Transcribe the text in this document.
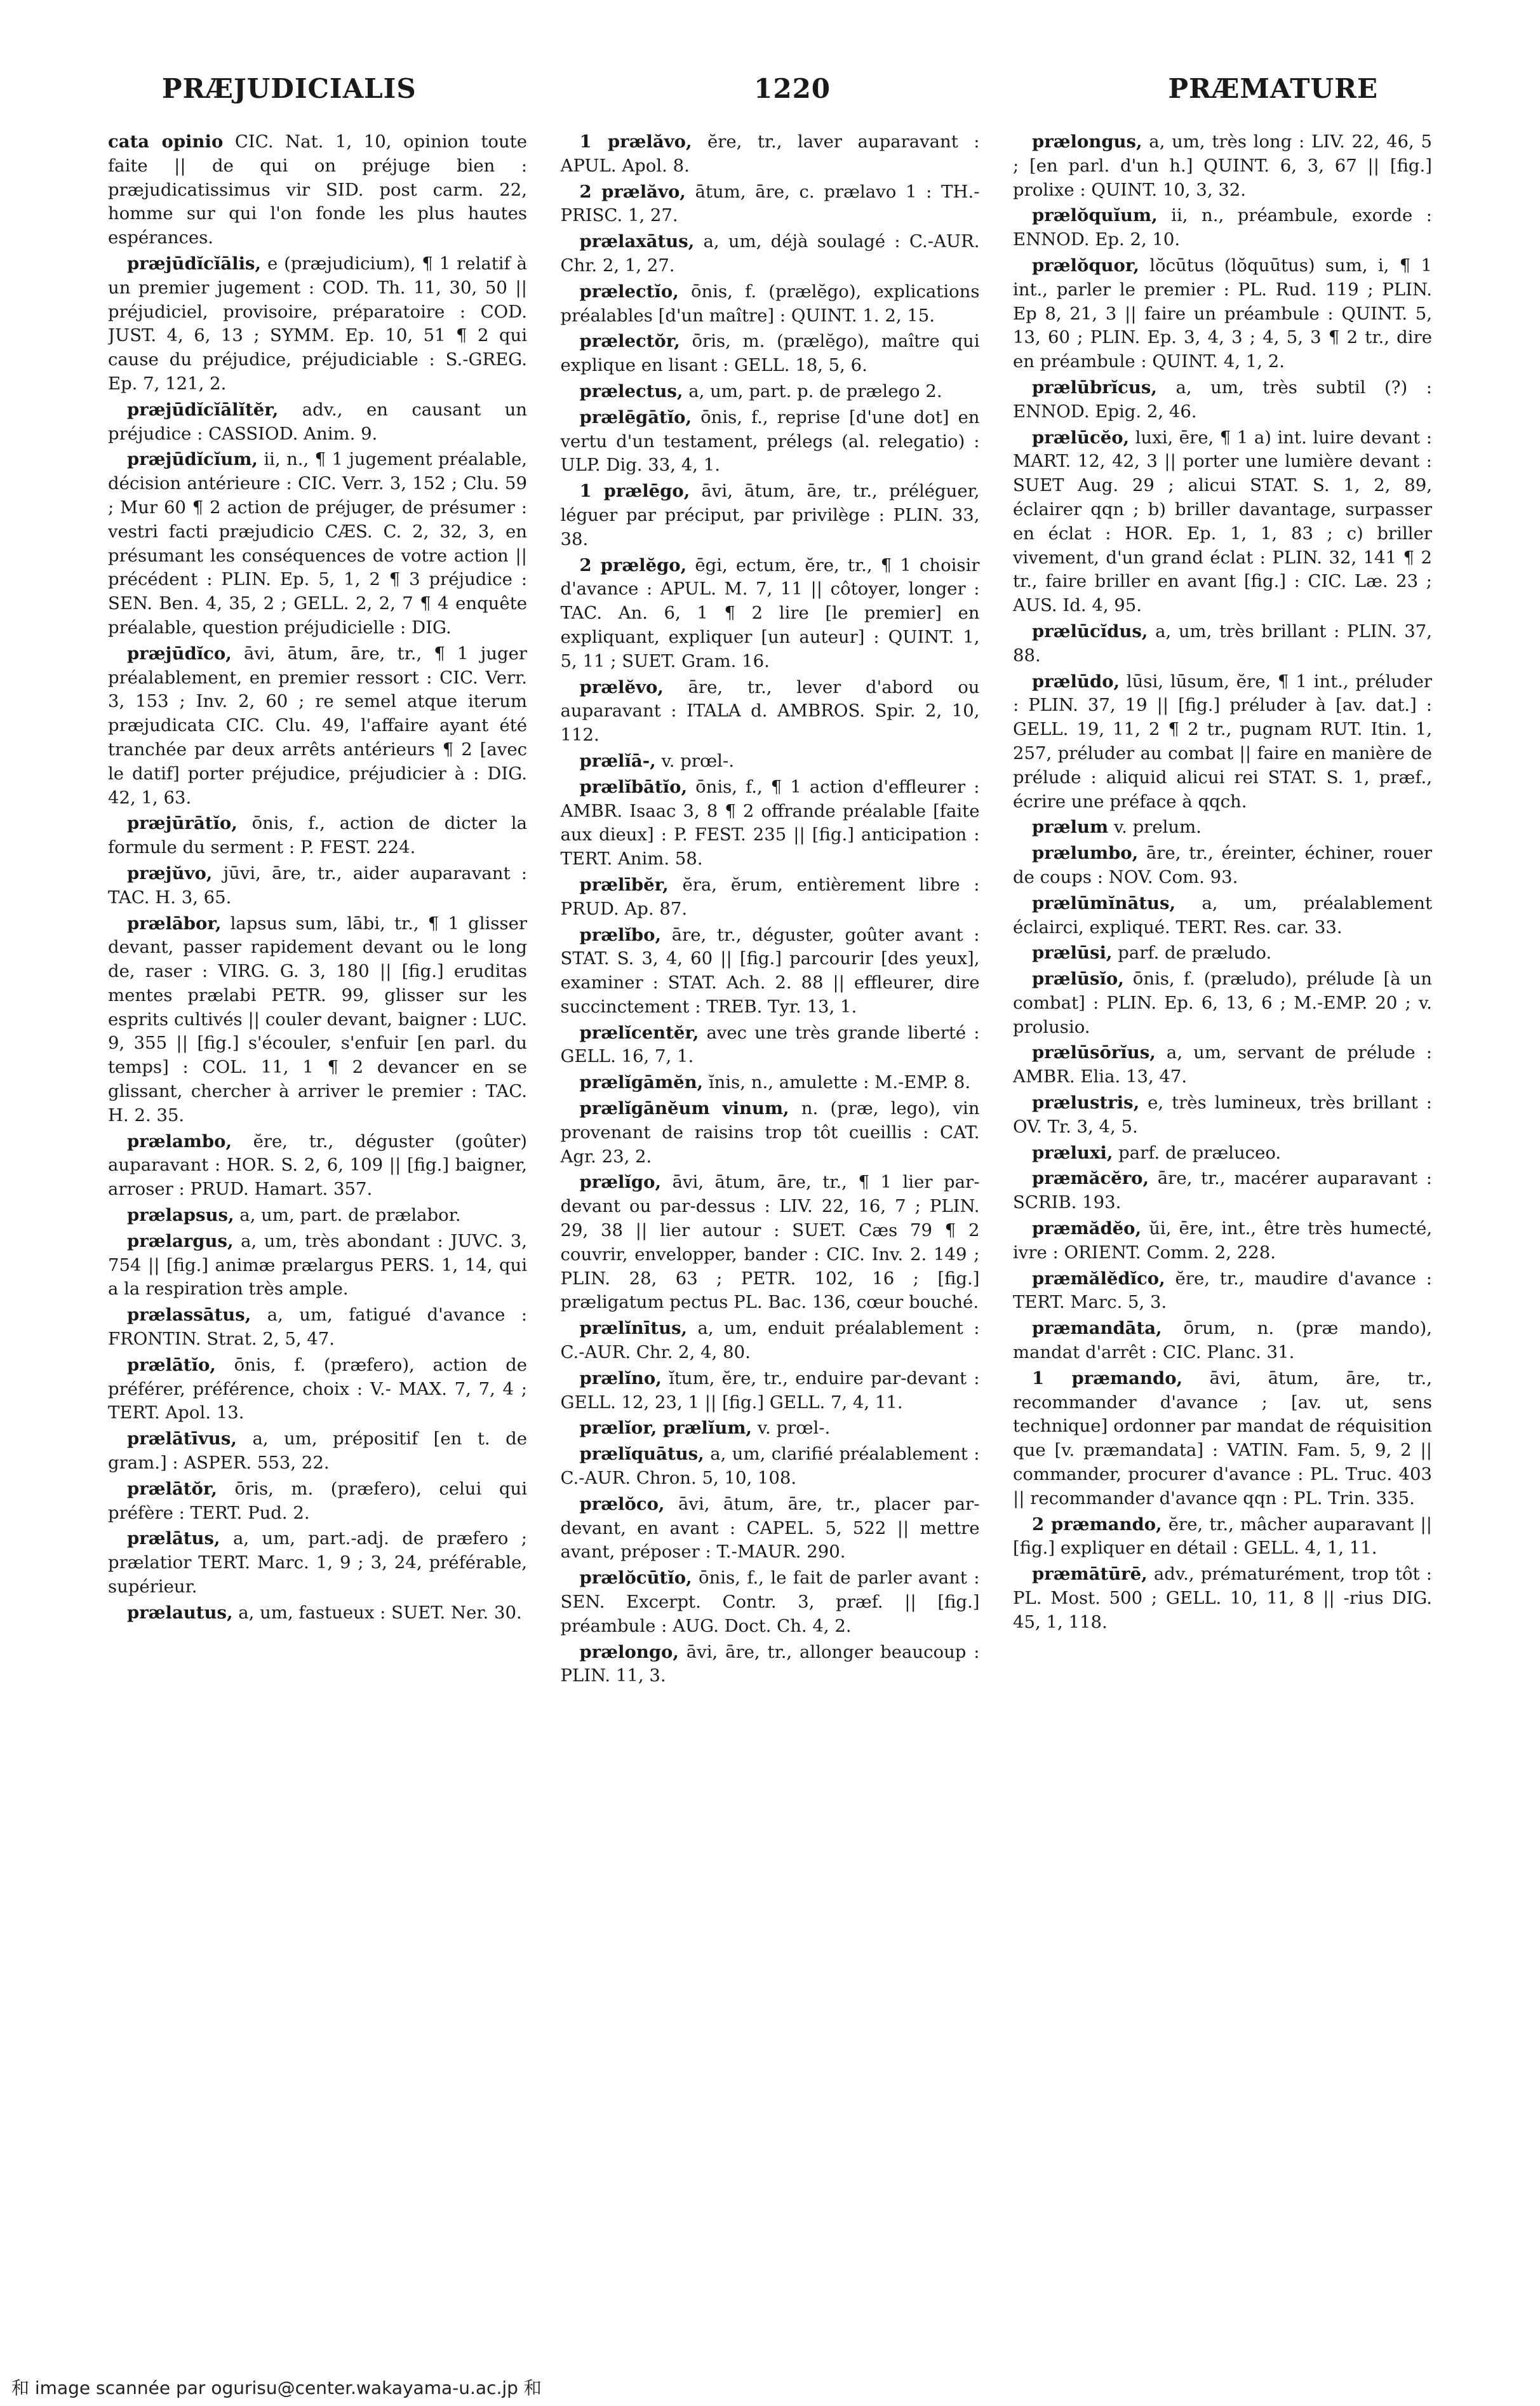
PRÆJUDICIALIS	1220	PRÆMATURE

cata opinio CIC. Nat. 1, 10, opinion toute faite || de qui on préjuge bien : præjudicatissimus vir SID. post carm. 22, homme sur qui l'on fonde les plus hautes espérances.

præjūdĭcĭālis, e (præjudicium), ¶ 1 relatif à un premier jugement : COD. Th. 11, 30, 50 || préjudiciel, provisoire, préparatoire : COD. JUST. 4, 6, 13 ; SYMM. Ep. 10, 51 ¶ 2 qui cause du préjudice, préjudiciable : S.-GREG. Ep. 7, 121, 2.

præjūdĭcĭālĭtĕr, adv., en causant un préjudice : CASSIOD. Anim. 9.

præjūdĭcĭum, ii, n., ¶ 1 jugement préalable, décision antérieure : CIC. Verr. 3, 152 ; Clu. 59 ; Mur 60 ¶ 2 action de préjuger, de présumer : vestri facti præjudicio CÆS. C. 2, 32, 3, en présumant les conséquences de votre action || précédent : PLIN. Ep. 5, 1, 2 ¶ 3 préjudice : SEN. Ben. 4, 35, 2 ; GELL. 2, 2, 7 ¶ 4 enquête préalable, question préjudicielle : DIG.

præjūdĭco, āvi, ātum, āre, tr., ¶ 1 juger préalablement, en premier ressort : CIC. Verr. 3, 153 ; Inv. 2, 60 ; re semel atque iterum præjudicata CIC. Clu. 49, l'affaire ayant été tranchée par deux arrêts antérieurs ¶ 2 [avec le datif] porter préjudice, préjudicier à : DIG. 42, 1, 63.

præjūrātĭo, ōnis, f., action de dicter la formule du serment : P. FEST. 224.

præjŭvo, jūvi, āre, tr., aider auparavant : TAC. H. 3, 65.

prælābor, lapsus sum, lābi, tr., ¶ 1 glisser devant, passer rapidement devant ou le long de, raser : VIRG. G. 3, 180 || [fig.] eruditas mentes prælabi PETR. 99, glisser sur les esprits cultivés || couler devant, baigner : LUC. 9, 355 || [fig.] s'écouler, s'enfuir [en parl. du temps] : COL. 11, 1 ¶ 2 devancer en se glissant, chercher à arriver le premier : TAC. H. 2. 35.

prælambo, ĕre, tr., déguster (goûter) auparavant : HOR. S. 2, 6, 109 || [fig.] baigner, arroser : PRUD. Hamart. 357.

prælapsus, a, um, part. de prælabor.

prælargus, a, um, très abondant : JUVC. 3, 754 || [fig.] animæ prælargus PERS. 1, 14, qui a la respiration très ample.

prælassātus, a, um, fatigué d'avance : FRONTIN. Strat. 2, 5, 47.

prælātĭo, ōnis, f. (præfero), action de préférer, préférence, choix : V.- MAX. 7, 7, 4 ; TERT. Apol. 13.

prælātīvus, a, um, prépositif [en t. de gram.] : ASPER. 553, 22.

prælātŏr, ōris, m. (præfero), celui qui préfère : TERT. Pud. 2.

prælātus, a, um, part.-adj. de præfero ; prælatior TERT. Marc. 1, 9 ; 3, 24, préférable, supérieur.

prælautus, a, um, fastueux : SUET. Ner. 30.

1 prælăvo, ĕre, tr., laver auparavant : APUL. Apol. 8.

2 prælăvo, ātum, āre, c. prælavo 1 : TH.-PRISC. 1, 27.

prælaxātus, a, um, déjà soulagé : C.-AUR. Chr. 2, 1, 27.

prælectĭo, ōnis, f. (prælĕgo), explications préalables [d'un maître] : QUINT. 1. 2, 15.

prælectŏr, ōris, m. (prælĕgo), maître qui explique en lisant : GELL. 18, 5, 6.

prælectus, a, um, part. p. de prælego 2.

prælēgātĭo, ōnis, f., reprise [d'une dot] en vertu d'un testament, prélegs (al. relegatio) : ULP. Dig. 33, 4, 1.

1 prælēgo, āvi, ātum, āre, tr., préléguer, léguer par préciput, par privilège : PLIN. 33, 38.

2 prælĕgo, ēgi, ectum, ĕre, tr., ¶ 1 choisir d'avance : APUL. M. 7, 11 || côtoyer, longer : TAC. An. 6, 1 ¶ 2 lire [le premier] en expliquant, expliquer [un auteur] : QUINT. 1, 5, 11 ; SUET. Gram. 16.

prælĕvo, āre, tr., lever d'abord ou auparavant : ITALA d. AMBROS. Spir. 2, 10, 112.

prælĭā-, v. prœl-.

prælĭbātĭo, ōnis, f., ¶ 1 action d'effleurer : AMBR. Isaac 3, 8 ¶ 2 offrande préalable [faite aux dieux] : P. FEST. 235 || [fig.] anticipation : TERT. Anim. 58.

prælībĕr, ĕra, ĕrum, entièrement libre : PRUD. Ap. 87.

prælĭbo, āre, tr., déguster, goûter avant : STAT. S. 3, 4, 60 || [fig.] parcourir [des yeux], examiner : STAT. Ach. 2. 88 || effleurer, dire succinctement : TREB. Tyr. 13, 1.

prælĭcentĕr, avec une très grande liberté : GELL. 16, 7, 1.

prælĭgāmĕn, ĭnis, n., amulette : M.-EMP. 8.

prælĭgānĕum vinum, n. (præ, lego), vin provenant de raisins trop tôt cueillis : CAT. Agr. 23, 2.

prælĭgo, āvi, ātum, āre, tr., ¶ 1 lier par-devant ou par-dessus : LIV. 22, 16, 7 ; PLIN. 29, 38 || lier autour : SUET. Cæs 79 ¶ 2 couvrir, envelopper, bander : CIC. Inv. 2. 149 ; PLIN. 28, 63 ; PETR. 102, 16 ; [fig.] præligatum pectus PL. Bac. 136, cœur bouché.

prælĭnītus, a, um, enduit préalablement : C.-AUR. Chr. 2, 4, 80.

prælĭno, ĭtum, ĕre, tr., enduire par-devant : GELL. 12, 23, 1 || [fig.] GELL. 7, 4, 11.

prælĭor, prælĭum, v. prœl-.

prælĭquātus, a, um, clarifié préalablement : C.-AUR. Chron. 5, 10, 108.

prælŏco, āvi, ātum, āre, tr., placer par-devant, en avant : CAPEL. 5, 522 || mettre avant, préposer : T.-MAUR. 290.

prælŏcūtĭo, ōnis, f., le fait de parler avant : SEN. Excerpt. Contr. 3, præf. || [fig.] préambule : AUG. Doct. Ch. 4, 2.

prælongo, āvi, āre, tr., allonger beaucoup : PLIN. 11, 3.

prælongus, a, um, très long : LIV. 22, 46, 5 ; [en parl. d'un h.] QUINT. 6, 3, 67 || [fig.] prolixe : QUINT. 10, 3, 32.

prælŏquĭum, ii, n., préambule, exorde : ENNOD. Ep. 2, 10.

prælŏquor, lŏcūtus (lŏquūtus) sum, i, ¶ 1 int., parler le premier : PL. Rud. 119 ; PLIN. Ep 8, 21, 3 || faire un préambule : QUINT. 5, 13, 60 ; PLIN. Ep. 3, 4, 3 ; 4, 5, 3 ¶ 2 tr., dire en préambule : QUINT. 4, 1, 2.

prælūbrĭcus, a, um, très subtil (?) : ENNOD. Epig. 2, 46.

prælūcĕo, luxi, ēre, ¶ 1 a) int. luire devant : MART. 12, 42, 3 || porter une lumière devant : SUET Aug. 29 ; alicui STAT. S. 1, 2, 89, éclairer qqn ; b) briller davantage, surpasser en éclat : HOR. Ep. 1, 1, 83 ; c) briller vivement, d'un grand éclat : PLIN. 32, 141 ¶ 2 tr., faire briller en avant [fig.] : CIC. Læ. 23 ; AUS. Id. 4, 95.

prælūcĭdus, a, um, très brillant : PLIN. 37, 88.

prælūdo, lūsi, lūsum, ĕre, ¶ 1 int., préluder : PLIN. 37, 19 || [fig.] préluder à [av. dat.] : GELL. 19, 11, 2 ¶ 2 tr., pugnam RUT. Itin. 1, 257, préluder au combat || faire en manière de prélude : aliquid alicui rei STAT. S. 1, præf., écrire une préface à qqch.

prælum v. prelum.

prælumbo, āre, tr., éreinter, échiner, rouer de coups : NOV. Com. 93.

prælūmĭnātus, a, um, préalablement éclairci, expliqué. TERT. Res. car. 33.

prælūsi, parf. de præludo.

prælūsĭo, ōnis, f. (præludo), prélude [à un combat] : PLIN. Ep. 6, 13, 6 ; M.-EMP. 20 ; v. prolusio.

prælūsōrĭus, a, um, servant de prélude : AMBR. Elia. 13, 47.

prælustris, e, très lumineux, très brillant : OV. Tr. 3, 4, 5.

præluxi, parf. de præluceo.

præmăcĕro, āre, tr., macérer auparavant : SCRIB. 193.

præmădĕo, ŭi, ēre, int., être très humecté, ivre : ORIENT. Comm. 2, 228.

præmălĕdĭco, ĕre, tr., maudire d'avance : TERT. Marc. 5, 3.

præmandāta, ōrum, n. (præ mando), mandat d'arrêt : CIC. Planc. 31.

1 præmando, āvi, ātum, āre, tr., recommander d'avance ; [av. ut, sens technique] ordonner par mandat de réquisition que [v. præmandata] : VATIN. Fam. 5, 9, 2 || commander, procurer d'avance : PL. Truc. 403 || recommander d'avance qqn : PL. Trin. 335.

2 præmando, ĕre, tr., mâcher auparavant || [fig.] expliquer en détail : GELL. 4, 1, 11.

præmātūrē, adv., prématurément, trop tôt : PL. Most. 500 ; GELL. 10, 11, 8 || -rius DIG. 45, 1, 118.

和 image scannée par ogurisu@center.wakayama-u.ac.jp 和
